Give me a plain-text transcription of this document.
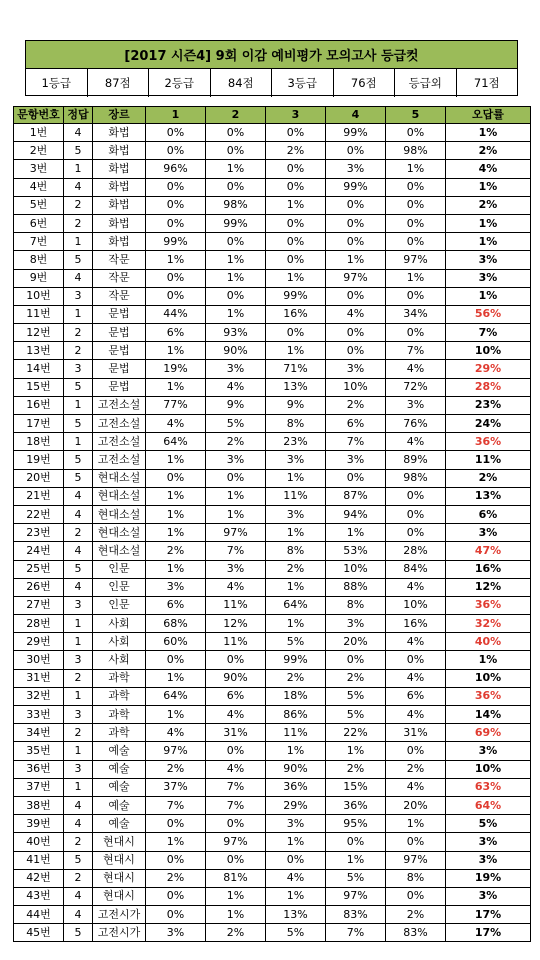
[2017 시즌4] 9회 이감 예비평가 모의고사 등급컷
1등급	87점	2등급	84점	3등급	76점	등급외	71점
문항번호	정답	장르	1	2	3	4	5	오답률
1번	4	화법	0%	0%	0%	99%	0%	1%
2번	5	화법	0%	0%	2%	0%	98%	2%
3번	1	화법	96%	1%	0%	3%	1%	4%
4번	4	화법	0%	0%	0%	99%	0%	1%
5번	2	화법	0%	98%	1%	0%	0%	2%
6번	2	화법	0%	99%	0%	0%	0%	1%
7번	1	화법	99%	0%	0%	0%	0%	1%
8번	5	작문	1%	1%	0%	1%	97%	3%
9번	4	작문	0%	1%	1%	97%	1%	3%
10번	3	작문	0%	0%	99%	0%	0%	1%
11번	1	문법	44%	1%	16%	4%	34%	56%
12번	2	문법	6%	93%	0%	0%	0%	7%
13번	2	문법	1%	90%	1%	0%	7%	10%
14번	3	문법	19%	3%	71%	3%	4%	29%
15번	5	문법	1%	4%	13%	10%	72%	28%
16번	1	고전소설	77%	9%	9%	2%	3%	23%
17번	5	고전소설	4%	5%	8%	6%	76%	24%
18번	1	고전소설	64%	2%	23%	7%	4%	36%
19번	5	고전소설	1%	3%	3%	3%	89%	11%
20번	5	현대소설	0%	0%	1%	0%	98%	2%
21번	4	현대소설	1%	1%	11%	87%	0%	13%
22번	4	현대소설	1%	1%	3%	94%	0%	6%
23번	2	현대소설	1%	97%	1%	1%	0%	3%
24번	4	현대소설	2%	7%	8%	53%	28%	47%
25번	5	인문	1%	3%	2%	10%	84%	16%
26번	4	인문	3%	4%	1%	88%	4%	12%
27번	3	인문	6%	11%	64%	8%	10%	36%
28번	1	사회	68%	12%	1%	3%	16%	32%
29번	1	사회	60%	11%	5%	20%	4%	40%
30번	3	사회	0%	0%	99%	0%	0%	1%
31번	2	과학	1%	90%	2%	2%	4%	10%
32번	1	과학	64%	6%	18%	5%	6%	36%
33번	3	과학	1%	4%	86%	5%	4%	14%
34번	2	과학	4%	31%	11%	22%	31%	69%
35번	1	예술	97%	0%	1%	1%	0%	3%
36번	3	예술	2%	4%	90%	2%	2%	10%
37번	1	예술	37%	7%	36%	15%	4%	63%
38번	4	예술	7%	7%	29%	36%	20%	64%
39번	4	예술	0%	0%	3%	95%	1%	5%
40번	2	현대시	1%	97%	1%	0%	0%	3%
41번	5	현대시	0%	0%	0%	1%	97%	3%
42번	2	현대시	2%	81%	4%	5%	8%	19%
43번	4	현대시	0%	1%	1%	97%	0%	3%
44번	4	고전시가	0%	1%	13%	83%	2%	17%
45번	5	고전시가	3%	2%	5%	7%	83%	17%
